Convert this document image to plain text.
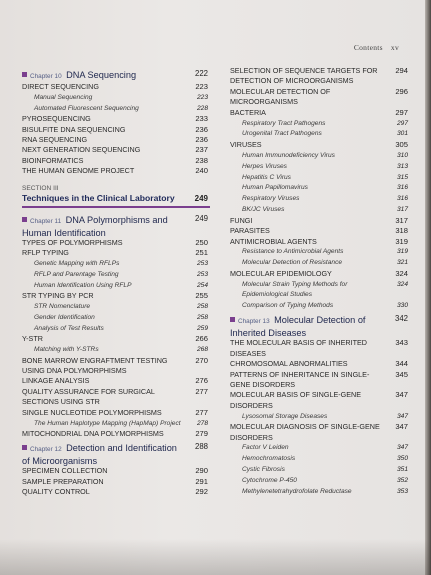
Contents xv
Chapter 10 DNA Sequencing	222
DIRECT SEQUENCING	223
Manual Sequencing	223
Automated Fluorescent Sequencing	228
PYROSEQUENCING	233
BISULFITE DNA SEQUENCING	236
RNA SEQUENCING	236
NEXT GENERATION SEQUENCING	237
BIOINFORMATICS	238
THE HUMAN GENOME PROJECT	240
SECTION III
Techniques in the Clinical Laboratory 249
Chapter 11 DNA Polymorphisms and Human Identification
249
TYPES OF POLYMORPHISMS	250
RFLP TYPING	251
Genetic Mapping with RFLPs	253
RFLP and Parentage Testing	253
Human Identification Using RFLP	254
STR TYPING BY PCR	255
STR Nomenclature	258
Gender Identification	258
Analysis of Test Results	259
Y-STR	266
Matching with Y-STRs	268
BONE MARROW ENGRAFTMENT TESTING USING DNA POLYMORPHISMS
270
LINKAGE ANALYSIS	276
QUALITY ASSURANCE FOR SURGICAL SECTIONS USING STR
277
SINGLE NUCLEOTIDE POLYMORPHISMS	277
The Human Haplotype Mapping (HapMap) Project 278
MITOCHONDRIAL DNA POLYMORPHISMS	279
Chapter 12 Detection and Identification of Microorganisms
288
SPECIMEN COLLECTION	290
SAMPLE PREPARATION	291
QUALITY CONTROL	292
SELECTION OF SEQUENCE TARGETS FOR DETECTION OF MICROORGANISMS
294
MOLECULAR DETECTION OF MICROORGANISMS
296
BACTERIA	297
Respiratory Tract Pathogens	297
Urogenital Tract Pathogens	301
VIRUSES	305
Human Immunodeficiency Virus	310
Herpes Viruses	313
Hepatitis C Virus	315
Human Papillomavirus	316
Respiratory Viruses	316
BK/JC Viruses	317
FUNGI	317
PARASITES	318
ANTIMICROBIAL AGENTS	319
Resistance to Antimicrobial Agents	319
Molecular Detection of Resistance	321
MOLECULAR EPIDEMIOLOGY	324
Molecular Strain Typing Methods for Epidemiological Studies
324
Comparison of Typing Methods	330
Chapter 13 Molecular Detection of Inherited Diseases
342
THE MOLECULAR BASIS OF INHERITED DISEASES
343
CHROMOSOMAL ABNORMALITIES	344
PATTERNS OF INHERITANCE IN SINGLE-GENE DISORDERS
345
MOLECULAR BASIS OF SINGLE-GENE DISORDERS
347
Lysosomal Storage Diseases	347
MOLECULAR DIAGNOSIS OF SINGLE-GENE DISORDERS
347
Factor V Leiden	347
Hemochromatosis	350
Cystic Fibrosis	351
Cytochrome P-450	352
Methylenetetrahydrofolate Reductase	353
